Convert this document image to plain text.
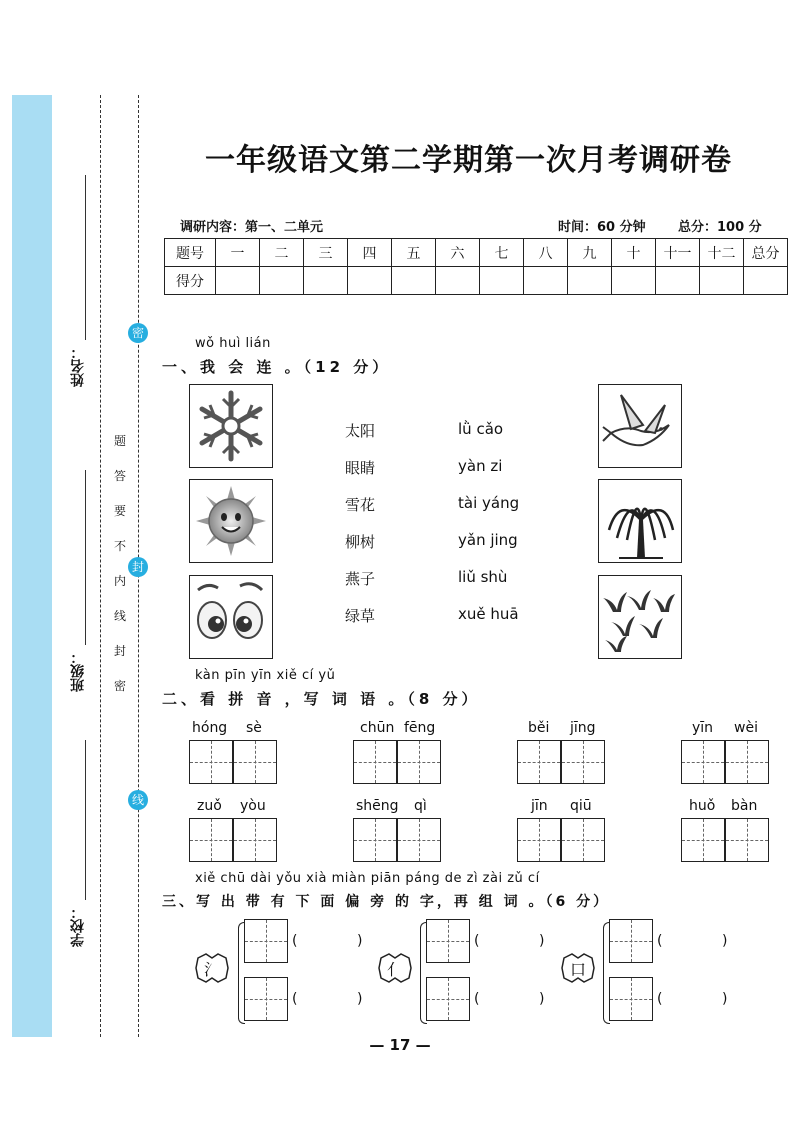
姓名：
班级：
学校：
密
封
线
题
答
要
不
内
线
封
密
一年级语文第二学期第一次月考调研卷
调研内容：第一、二单元	时间：60 分钟 总分：100 分
题号	一	二	三	四	五	六	七	八	九	十	十一	十二	总分
得分													
wǒ huì lián
一、我 会 连 。（12 分）
太阳
眼睛
雪花
柳树
燕子
绿草
lǜ cǎo
yàn zi
tài yáng
yǎn jing
liǔ shù
xuě huā
kàn pīn yīn xiě cí yǔ
二、看 拼 音 ，写 词 语 。（8 分）
hóng sè	chūn fēng	běi jīng	yīn wèi
zuǒ yòu	shēng qì	jīn qiū	huǒ bàn
xiě chū dài yǒu xià miàn piān páng de zì zài zǔ cí
三、写 出 带 有 下 面 偏 旁 的 字，再 组 词 。（6 分）
氵
(	)
(	)
亻
(	)
(	)
口
(	)
(	)
— 17 —
